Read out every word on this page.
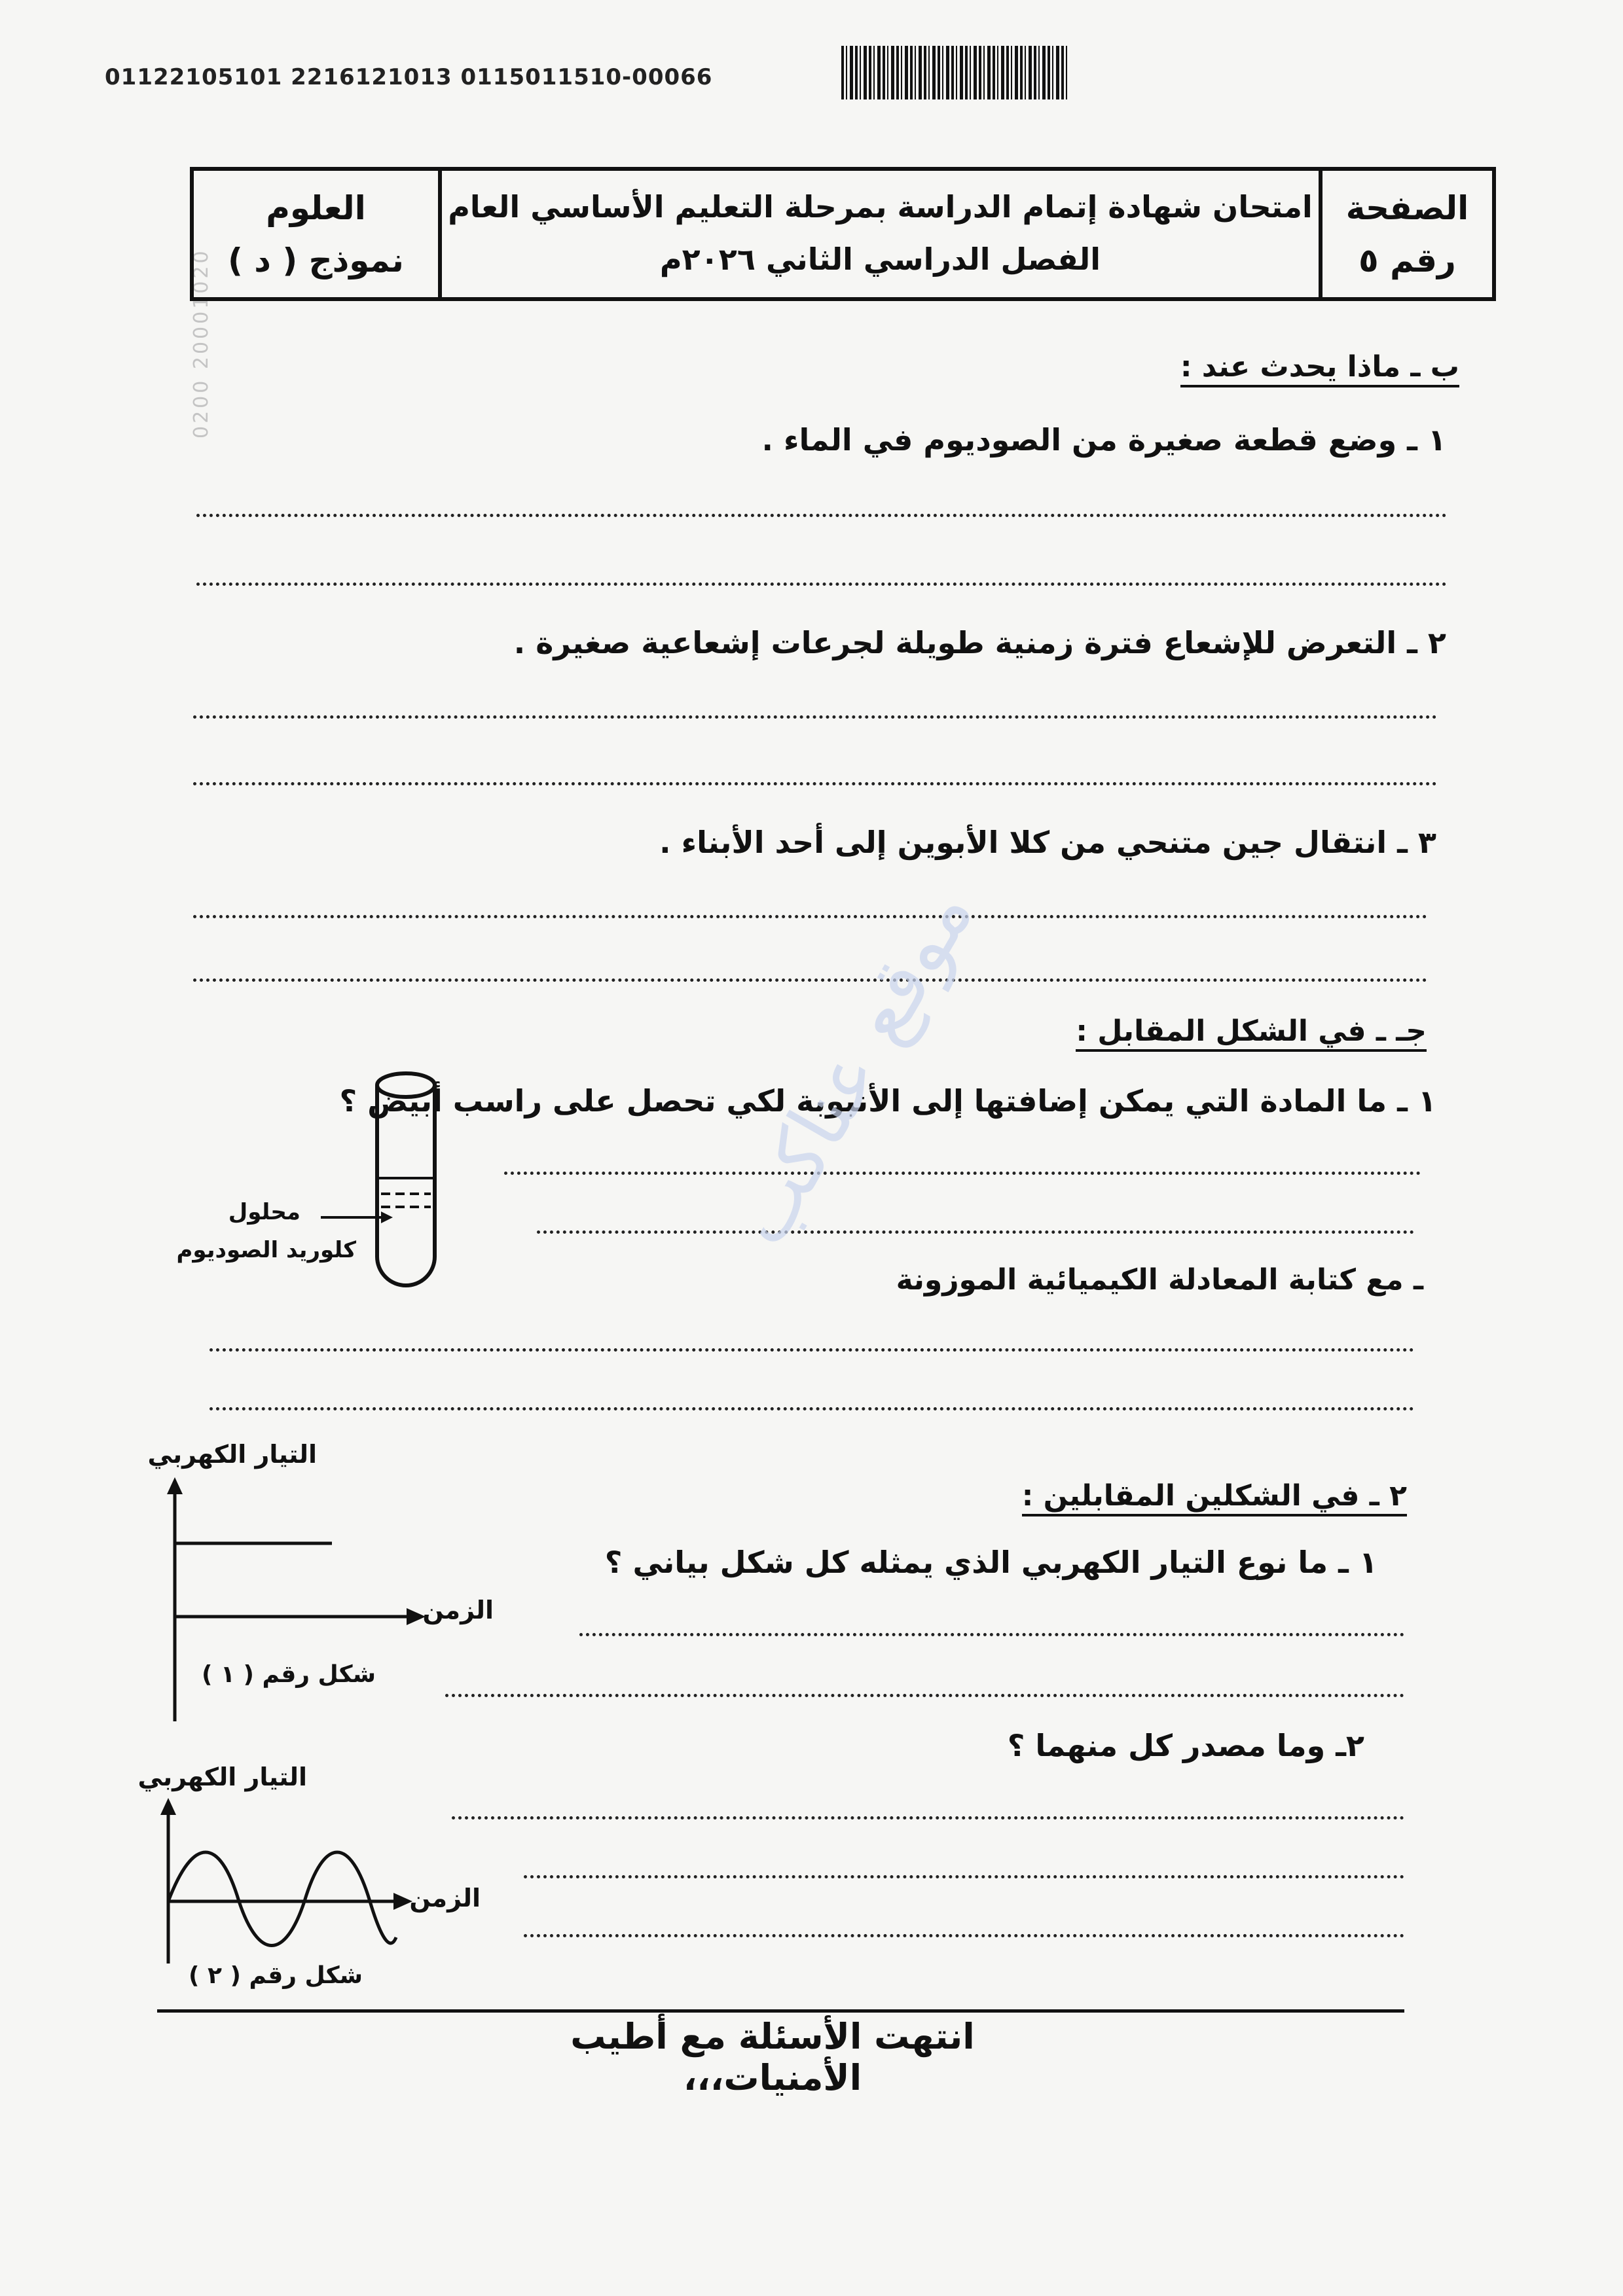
01122105101 2216121013 0115011510-00066
0200 20001020
الصفحة
رقم ٥
امتحان شهادة إتمام الدراسة بمرحلة التعليم الأساسي العام
الفصل الدراسي الثاني ٢٠٢٦م
العلوم
نموذج ( د )
ب ـ ماذا يحدث عند :
١ ـ وضع قطعة صغيرة من الصوديوم في الماء .
٢ ـ التعرض للإشعاع فترة زمنية طويلة لجرعات إشعاعية صغيرة .
٣ ـ انتقال جين متنحي من كلا الأبوين إلى أحد الأبناء .
جـ ـ في الشكل المقابل :
١ ـ ما المادة التي يمكن إضافتها إلى الأنبوبة لكي تحصل على راسب أبيض ؟
محلول
كلوريد الصوديوم
ـ مع كتابة المعادلة الكيميائية الموزونة
٢ ـ في الشكلين المقابلين :
١ ـ ما نوع التيار الكهربي الذي يمثله كل شكل بياني ؟
٢ـ وما مصدر كل منهما ؟
التيار الكهربي
الزمن
شكل رقم ( ١ )
التيار الكهربي
الزمن
شكل رقم ( ٢ )
انتهت الأسئلة مع أطيب الأمنيات،،،
موقع عناكب
